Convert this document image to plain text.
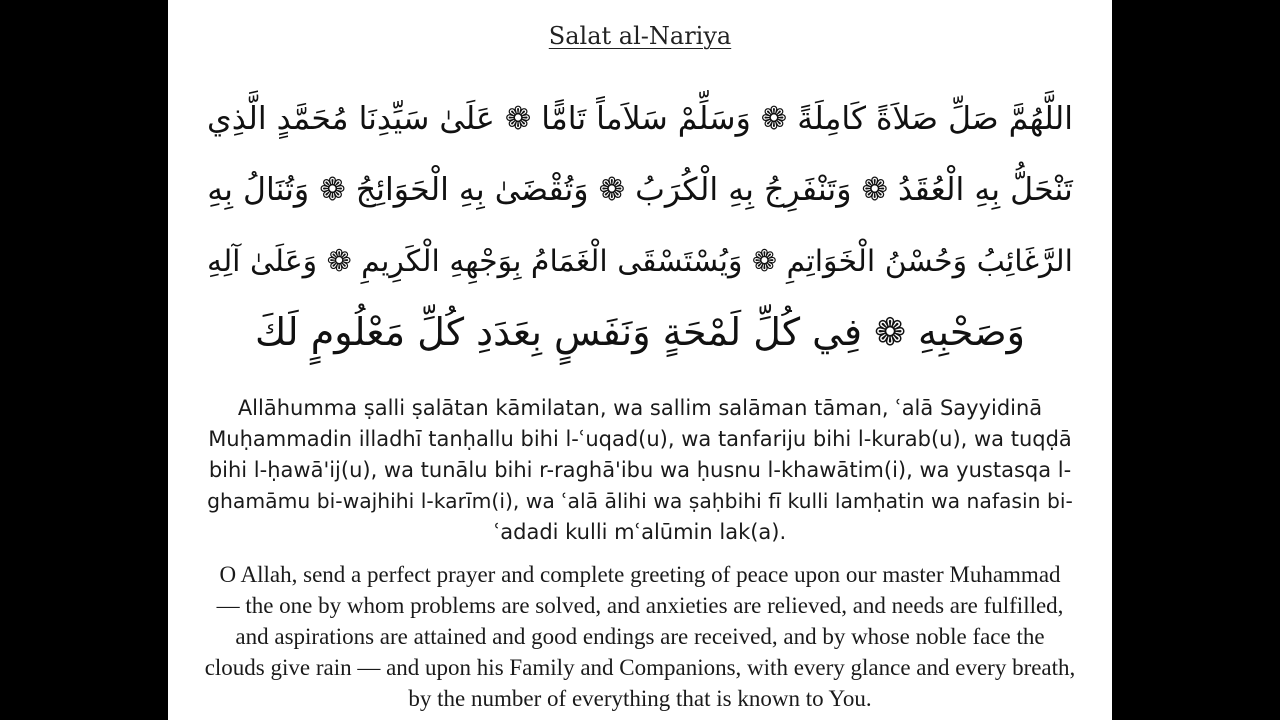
Salat al-Nariya
اللَّهُمَّ صَلِّ صَلاَةً كَامِلَةً ❁ وَسَلِّمْ سَلاَماً تَامًّا ❁ عَلَىٰ سَيِّدِنَا مُحَمَّدٍ الَّذِي
تَنْحَلُّ بِهِ الْعُقَدُ ❁ وَتَنْفَرِجُ بِهِ الْكُرَبُ ❁ وَتُقْضَىٰ بِهِ الْحَوَائِجُ ❁ وَتُنَالُ بِهِ
الرَّغَائِبُ وَحُسْنُ الْخَوَاتِمِ ❁ وَيُسْتَسْقَى الْغَمَامُ بِوَجْهِهِ الْكَرِيمِ ❁ وَعَلَىٰ آلِهِ
وَصَحْبِهِ ❁ فِي كُلِّ لَمْحَةٍ وَنَفَسٍ بِعَدَدِ كُلِّ مَعْلُومٍ لَكَ
Allāhumma ṣalli ṣalātan kāmilatan, wa sallim salāman tāman, ʿalā Sayyidinā
Muḥammadin illadhī tanḥallu bihi l-ʿuqad(u), wa tanfariju bihi l-kurab(u), wa tuqḍā
bihi l-ḥawā'ij(u), wa tunālu bihi r-raghā'ibu wa ḥusnu l-khawātim(i), wa yustasqa l-
ghamāmu bi-wajhihi l-karīm(i), wa ʿalā ālihi wa ṣaḥbihi fī kulli lamḥatin wa nafasin bi-
ʿadadi kulli mʿalūmin lak(a).
O Allah, send a perfect prayer and complete greeting of peace upon our master Muhammad
— the one by whom problems are solved, and anxieties are relieved, and needs are fulfilled,
and aspirations are attained and good endings are received, and by whose noble face the
clouds give rain — and upon his Family and Companions, with every glance and every breath,
by the number of everything that is known to You.
